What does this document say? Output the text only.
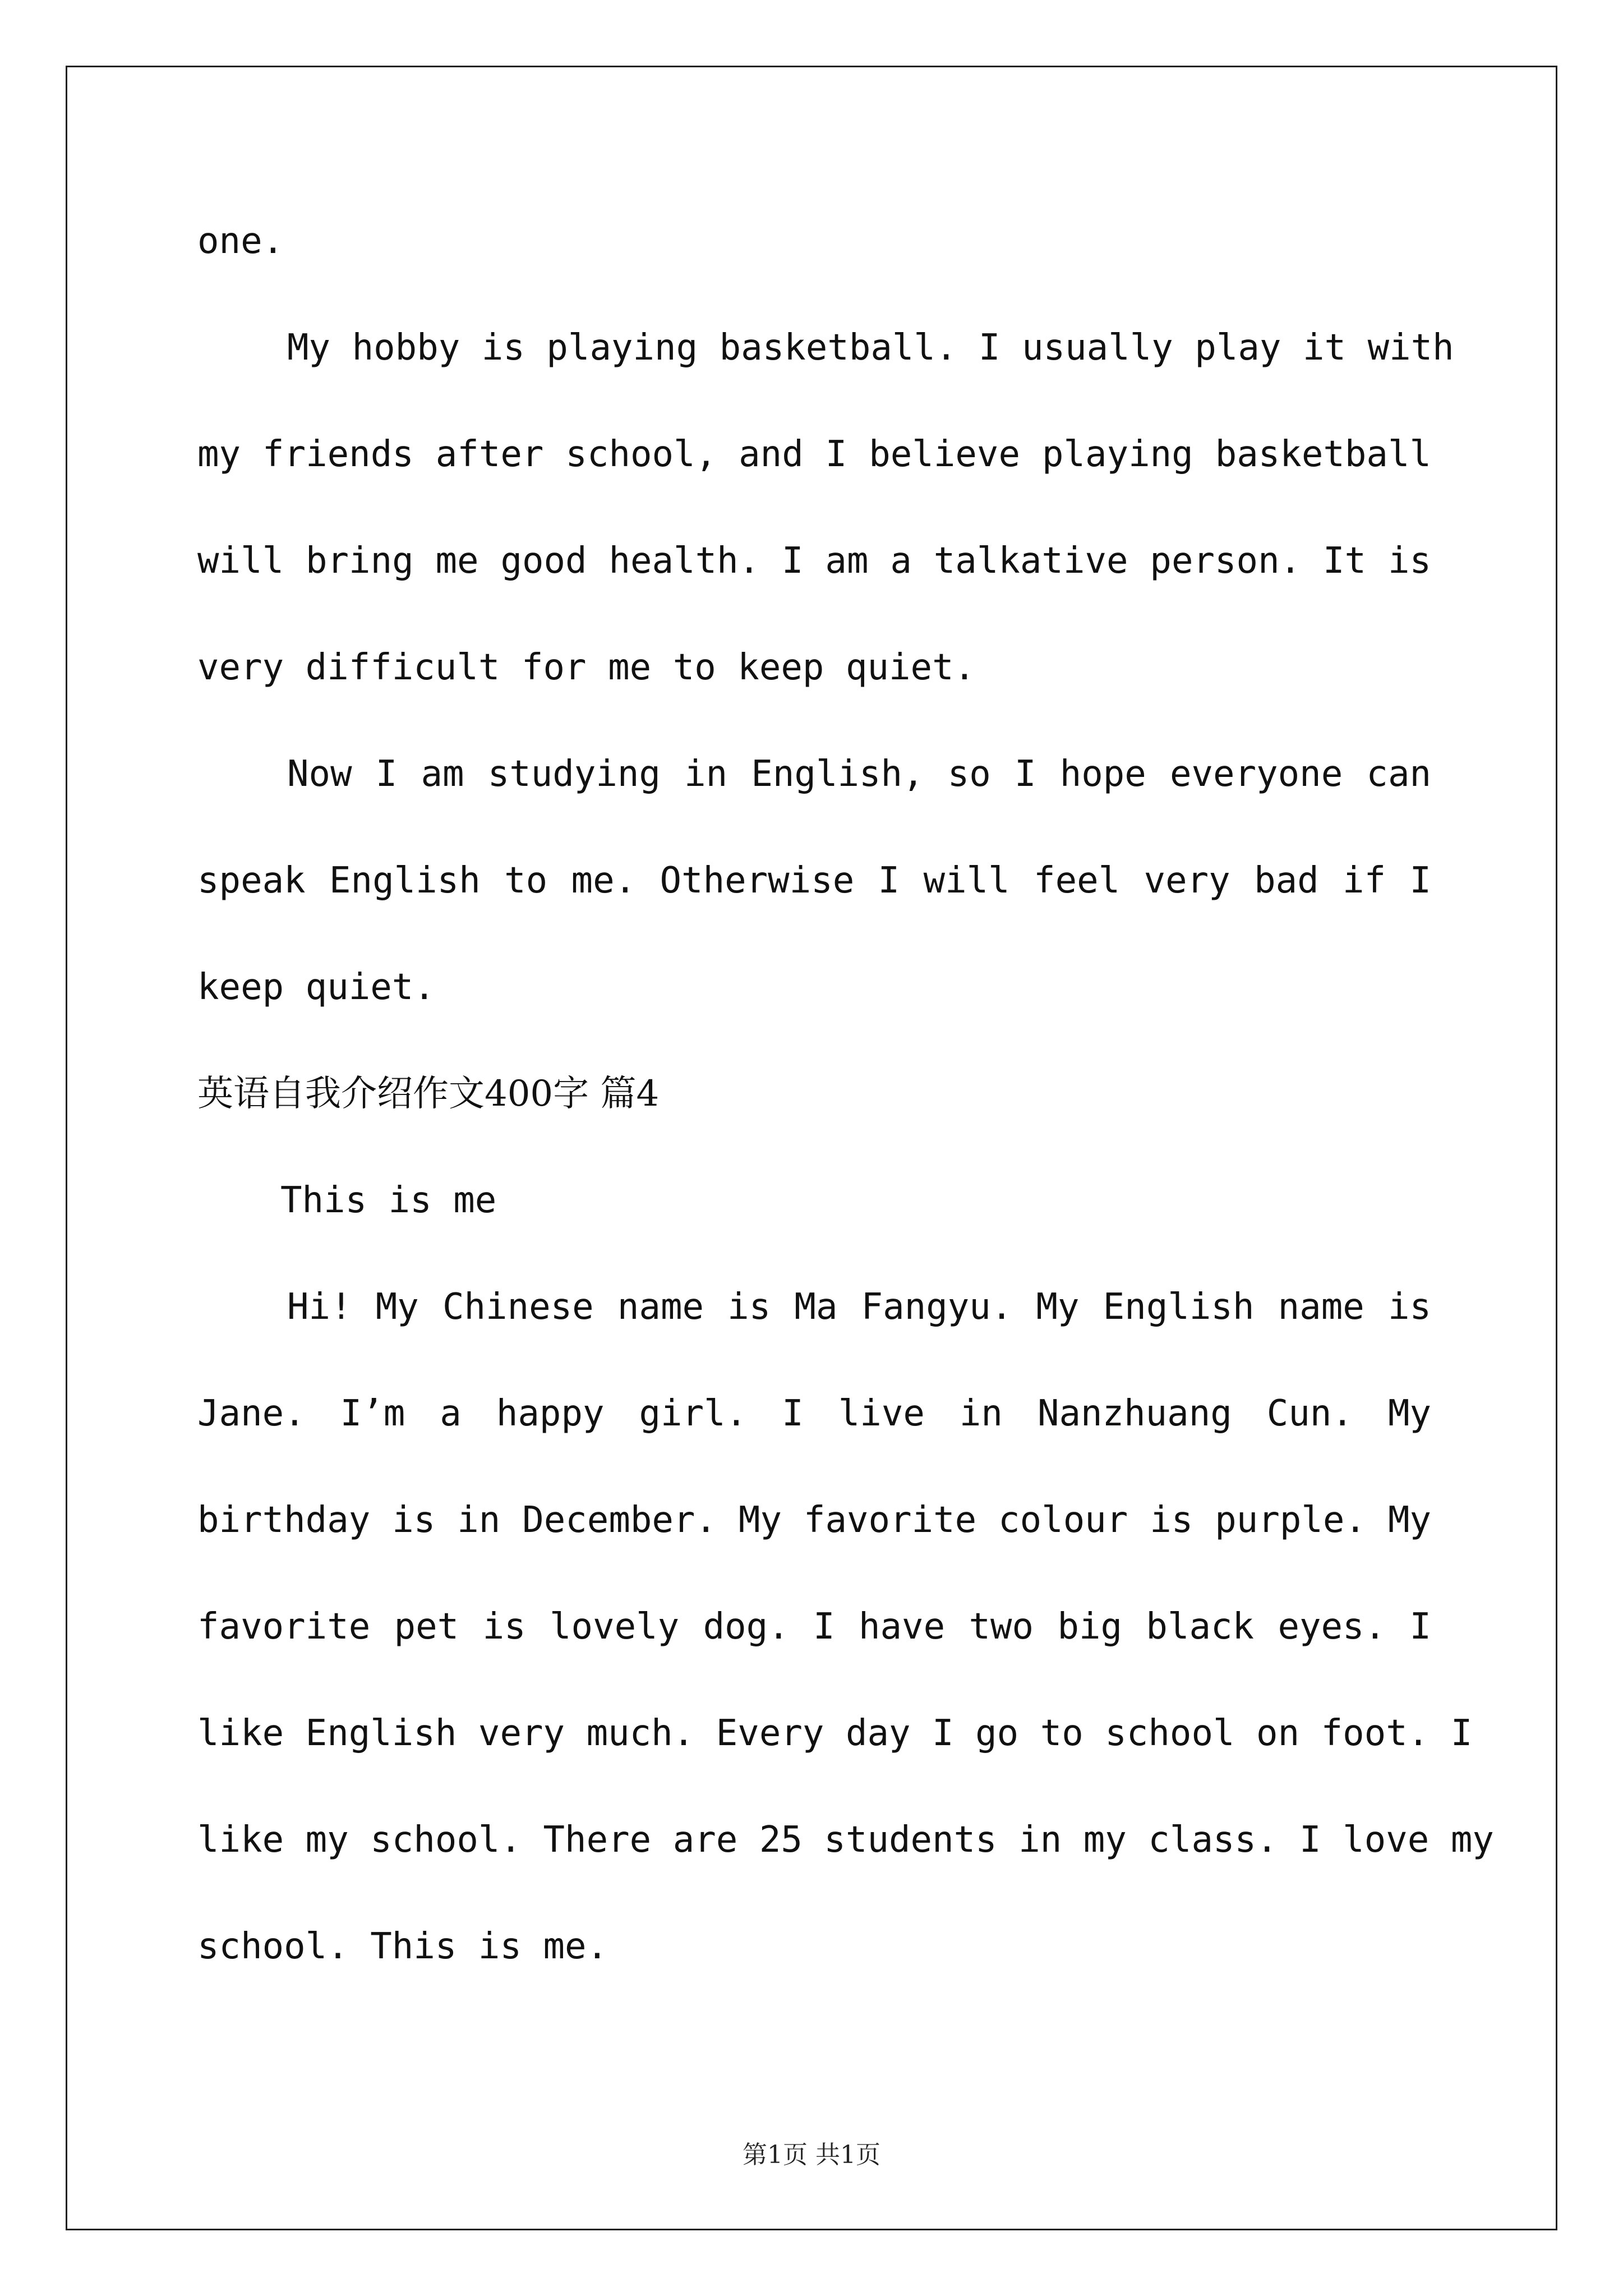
one.
My hobby is playing basketball. I usually play it with
my friends after school, and I believe playing basketball
will bring me good health. I am a talkative person. It is
very difficult for me to keep quiet.
Now I am studying in English, so I hope everyone can
speak English to me. Otherwise I will feel very bad if I
keep quiet.
英语自我介绍作文400字 篇4
This is me
Hi! My Chinese name is Ma Fangyu. My English name is
Jane. I’m a happy girl. I live in Nanzhuang Cun. My
birthday is in December. My favorite colour is purple. My
favorite pet is lovely dog. I have two big black eyes. I
like English very much. Every day I go to school on foot. I
like my school. There are 25 students in my class. I love my
school. This is me.
第1页 共1页
